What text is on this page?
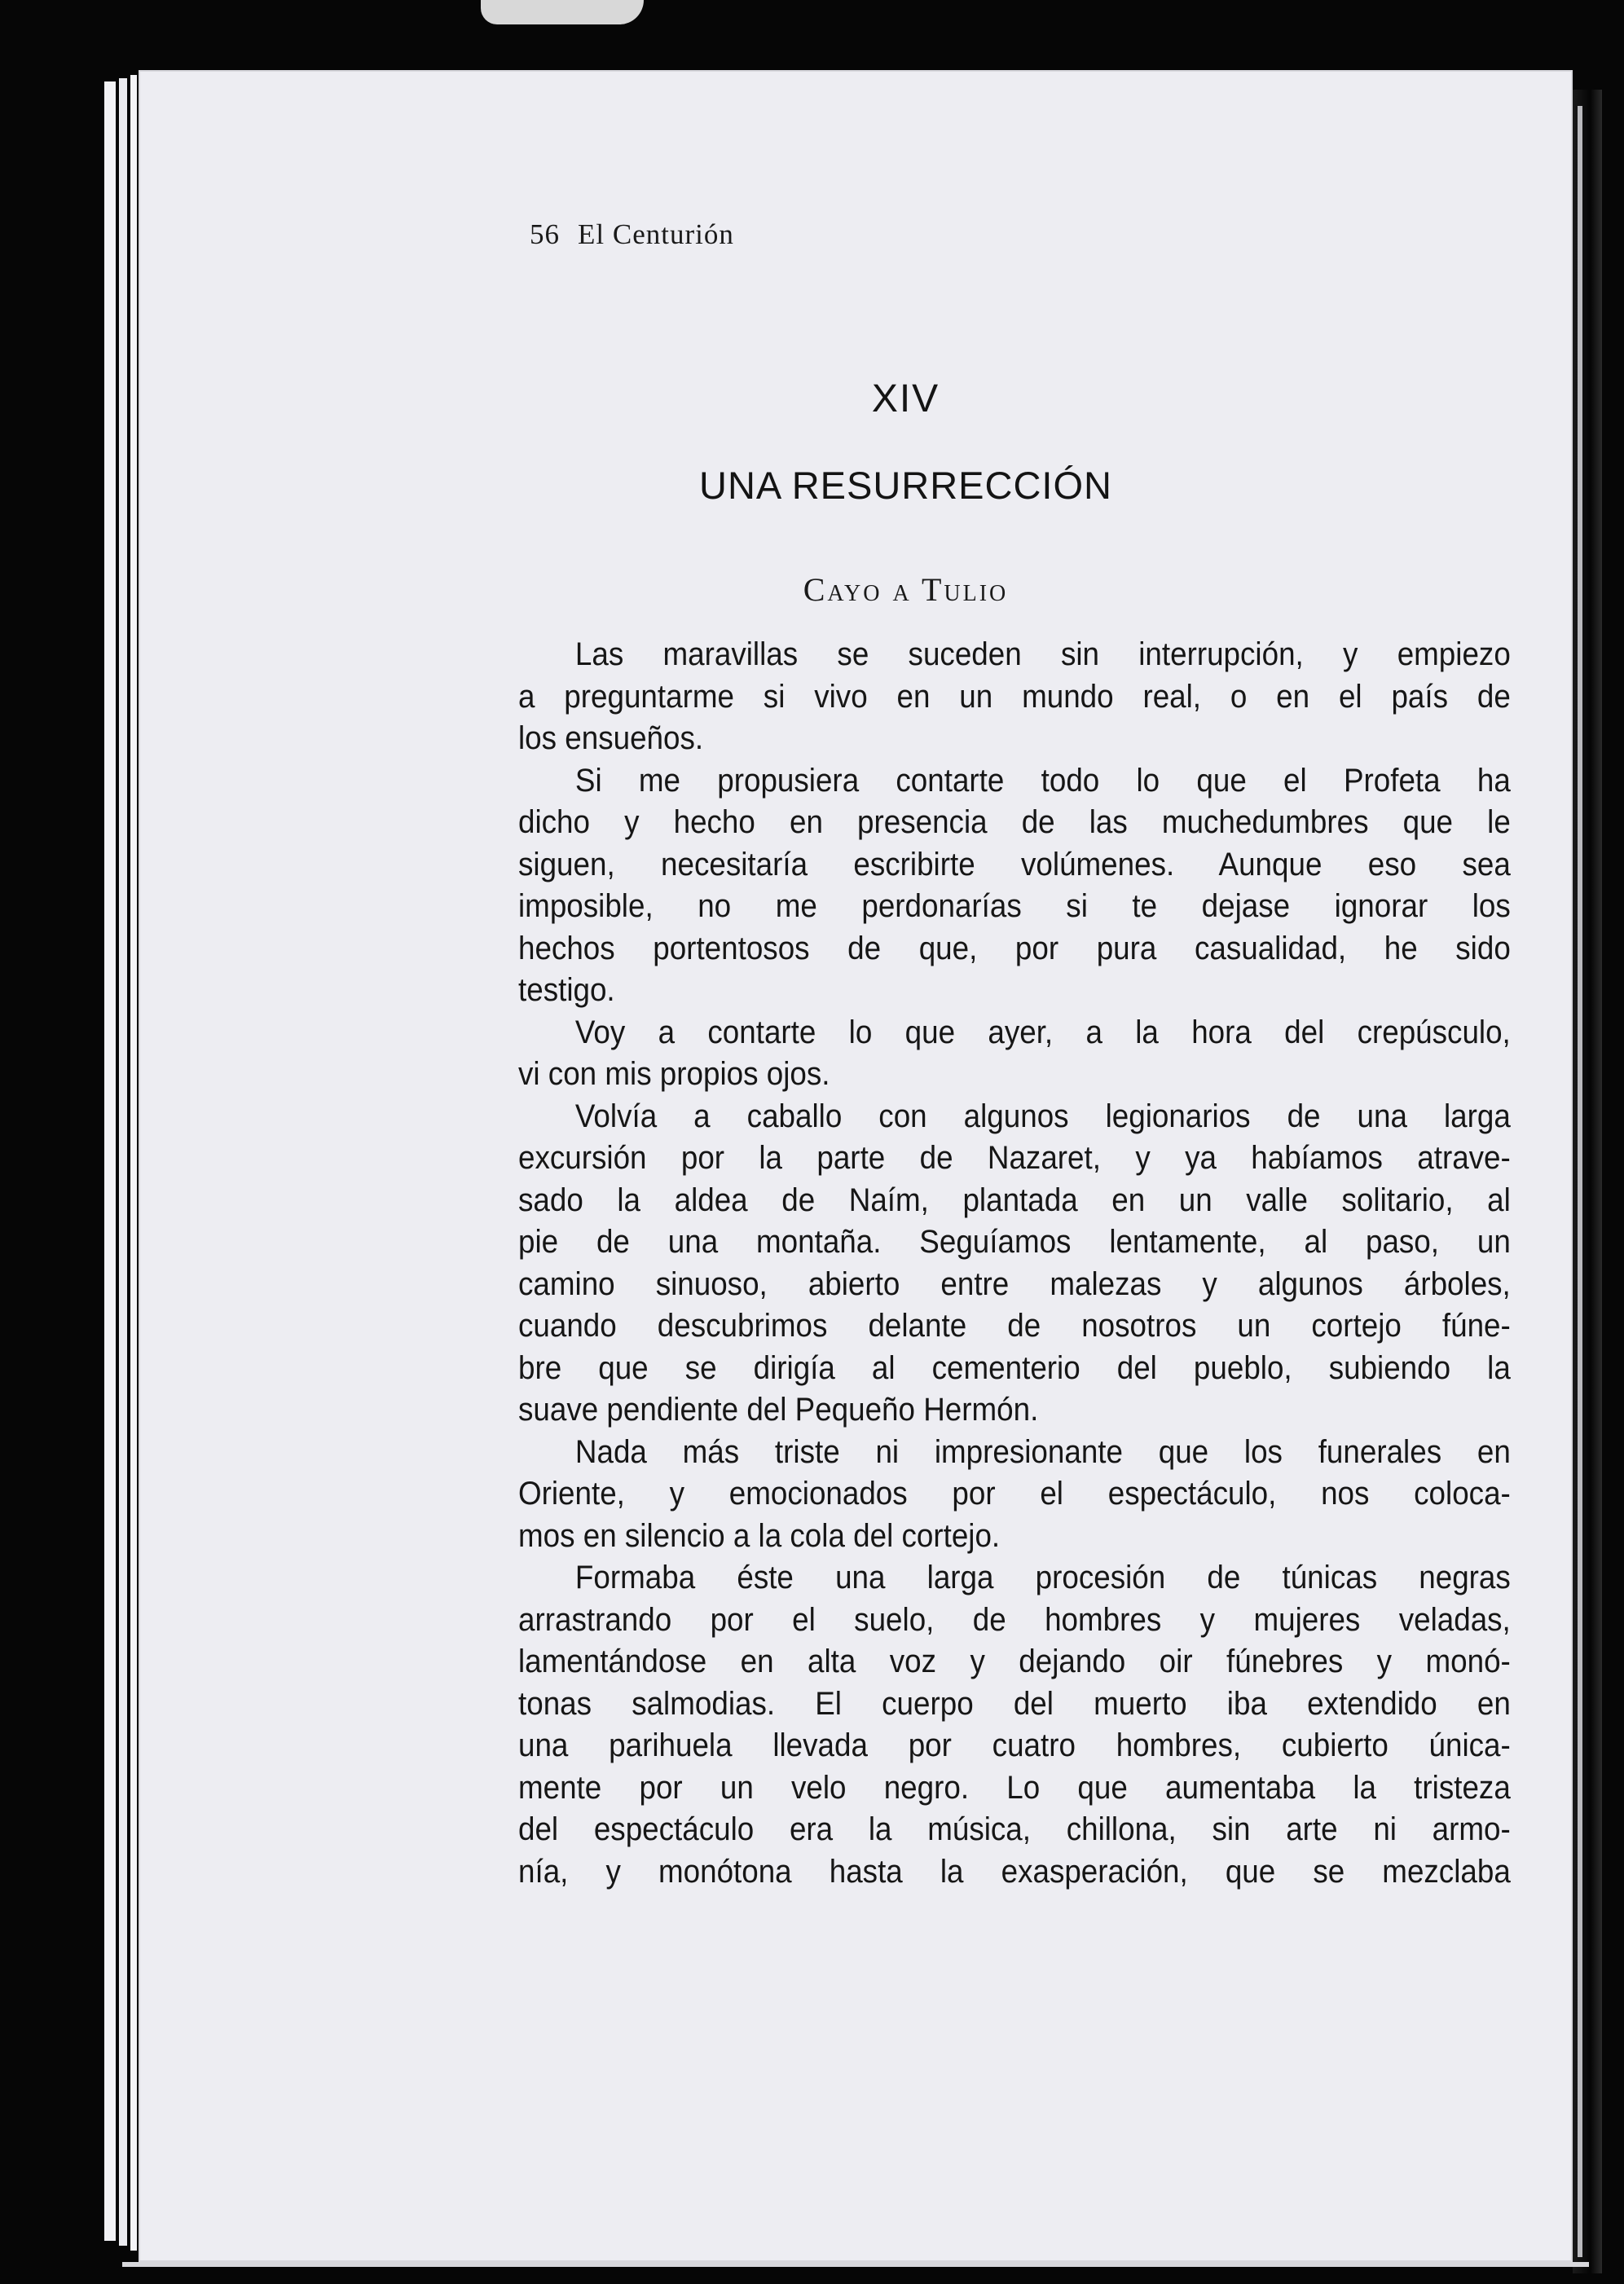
56 El Centurión
XIV
UNA RESURRECCIÓN
Cayo a Tulio
Las maravillas se suceden sin interrupción, y empiezo
a preguntarme si vivo en un mundo real, o en el país de
los ensueños.
Si me propusiera contarte todo lo que el Profeta ha
dicho y hecho en presencia de las muchedumbres que le
siguen, necesitaría escribirte volúmenes. Aunque eso sea
imposible, no me perdonarías si te dejase ignorar los
hechos portentosos de que, por pura casualidad, he sido
testigo.
Voy a contarte lo que ayer, a la hora del crepúsculo,
vi con mis propios ojos.
Volvía a caballo con algunos legionarios de una larga
excursión por la parte de Nazaret, y ya habíamos atrave-
sado la aldea de Naím, plantada en un valle solitario, al
pie de una montaña. Seguíamos lentamente, al paso, un
camino sinuoso, abierto entre malezas y algunos árboles,
cuando descubrimos delante de nosotros un cortejo fúne-
bre que se dirigía al cementerio del pueblo, subiendo la
suave pendiente del Pequeño Hermón.
Nada más triste ni impresionante que los funerales en
Oriente, y emocionados por el espectáculo, nos coloca-
mos en silencio a la cola del cortejo.
Formaba éste una larga procesión de túnicas negras
arrastrando por el suelo, de hombres y mujeres veladas,
lamentándose en alta voz y dejando oir fúnebres y monó-
tonas salmodias. El cuerpo del muerto iba extendido en
una parihuela llevada por cuatro hombres, cubierto única-
mente por un velo negro. Lo que aumentaba la tristeza
del espectáculo era la música, chillona, sin arte ni armo-
nía, y monótona hasta la exasperación, que se mezclaba
